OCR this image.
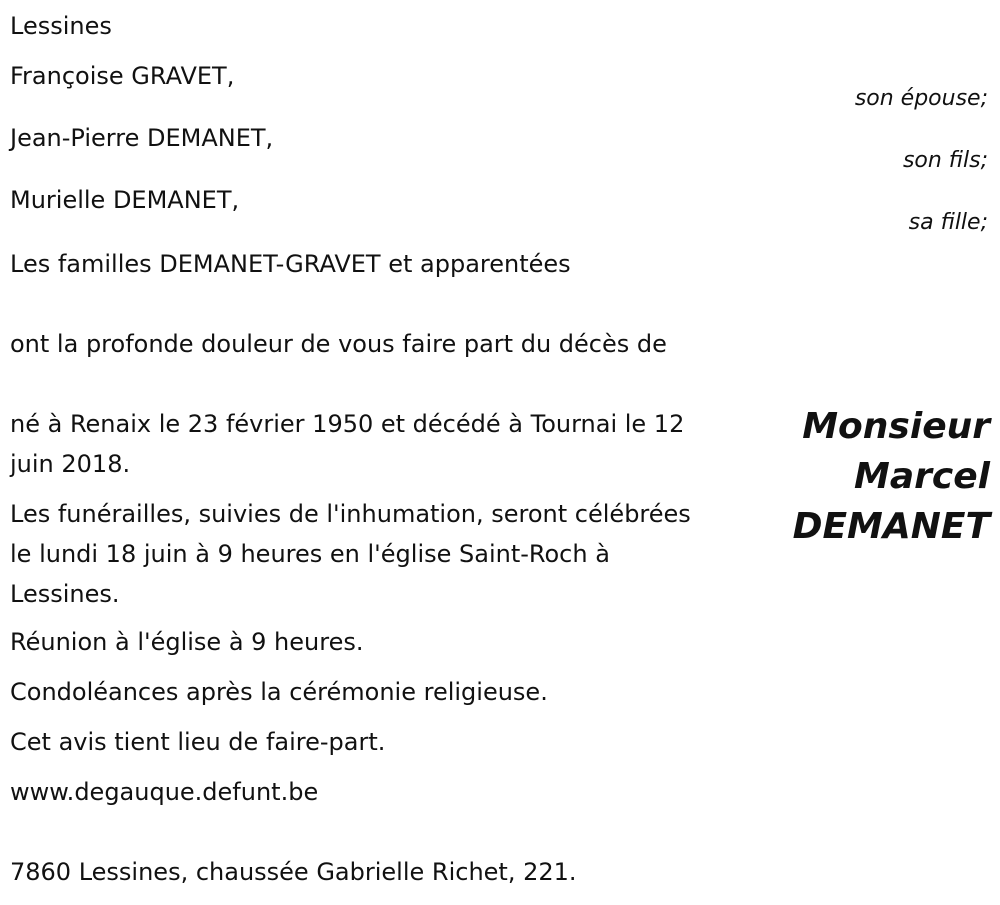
Lessines
Françoise GRAVET,
son épouse;
Jean-Pierre DEMANET,
son fils;
Murielle DEMANET,
sa fille;
Les familles DEMANET-GRAVET et apparentées
ont la profonde douleur de vous faire part du décès de
Monsieur
Marcel
DEMANET
né à Renaix le 23 février 1950 et décédé à Tournai le 12 juin 2018.
Les funérailles, suivies de l'inhumation, seront célébrées le lundi 18 juin à 9 heures en l'église Saint-Roch à Lessines.
Réunion à l'église à 9 heures.
Condoléances après la cérémonie religieuse.
Cet avis tient lieu de faire-part.
www.degauque.defunt.be
7860 Lessines, chaussée Gabrielle Richet, 221.
